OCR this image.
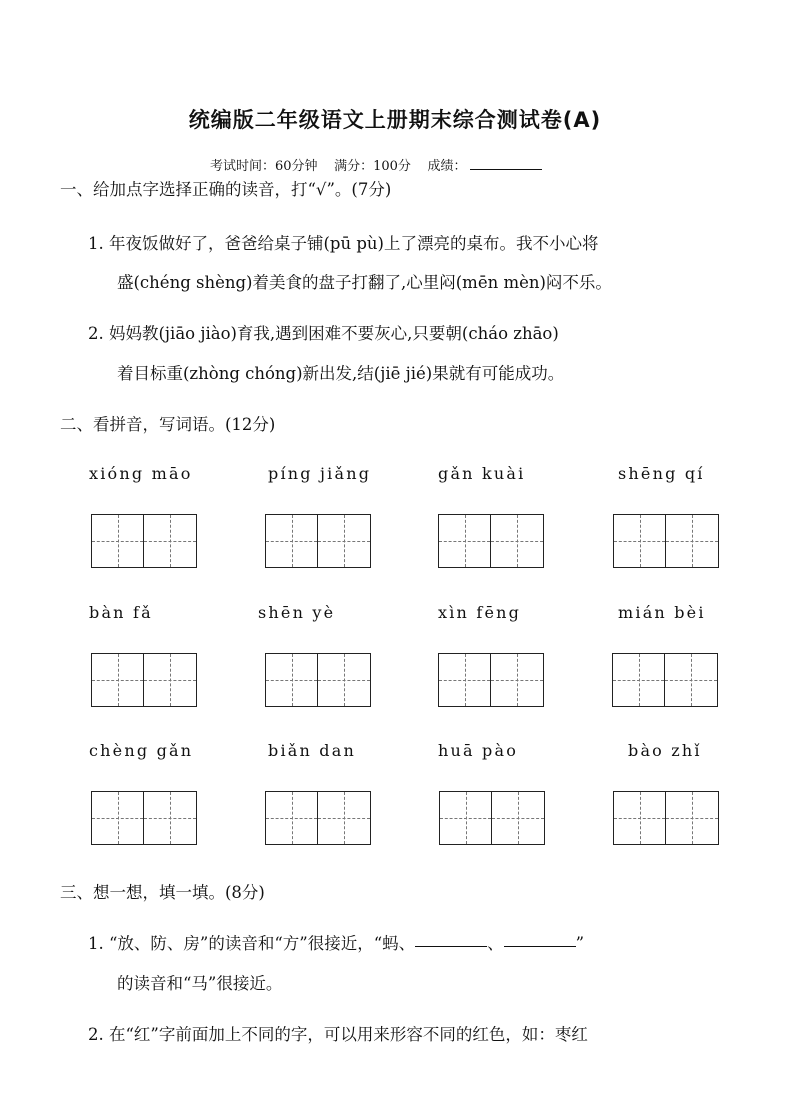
统编版二年级语文上册期末综合测试卷(A)
考试时间：60分钟 满分：100分 成绩：
一、给加点字选择正确的读音，打“√”。(7分)
1. 年夜饭做好了，爸爸给桌子铺(pū pù)上了漂亮的桌布。我不小心将
盛(chéng shèng)着美食的盘子打翻了,心里闷(mēn mèn)闷不乐。
2. 妈妈教(jiāo jiào)育我,遇到困难不要灰心,只要朝(cháo zhāo)
着目标重(zhòng chóng)新出发,结(jiē jié)果就有可能成功。
二、看拼音，写词语。(12分)
xióng māo	píng jiǎng	gǎn kuài	shēng qí
bàn fǎ	shēn yè	xìn fēng	mián bèi
chèng gǎn	biǎn dan	huā pào	bào zhǐ
三、想一想，填一填。(8分)
1. “放、防、房”的读音和“方”很接近，“蚂、	、	”
的读音和“马”很接近。
2. 在“红”字前面加上不同的字，可以用来形容不同的红色，如：枣红
